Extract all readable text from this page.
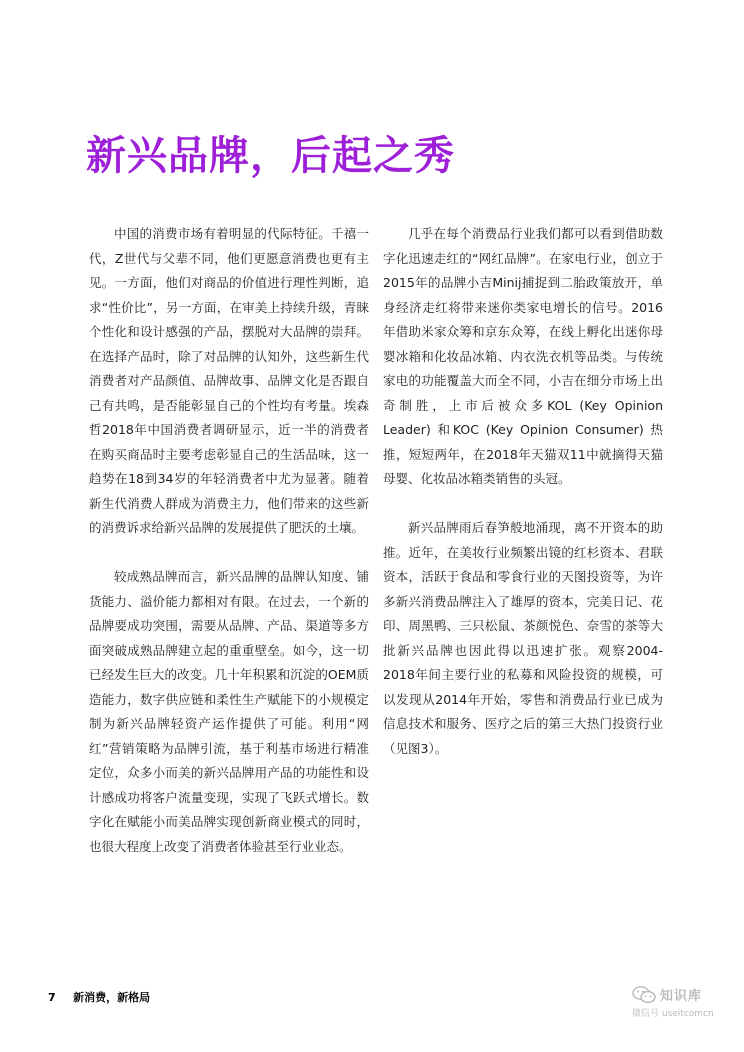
新兴品牌，后起之秀

中国的消费市场有着明显的代际特征。千禧一代，Z世代与父辈不同，他们更愿意消费也更有主见。一方面，他们对商品的价值进行理性判断，追求“性价比”，另一方面，在审美上持续升级，青睐个性化和设计感强的产品，摆脱对大品牌的崇拜。在选择产品时，除了对品牌的认知外，这些新生代消费者对产品颜值、品牌故事、品牌文化是否跟自己有共鸣，是否能彰显自己的个性均有考量。埃森哲2018年中国消费者调研显示，近一半的消费者在购买商品时主要考虑彰显自己的生活品味，这一趋势在18到34岁的年轻消费者中尤为显著。随着新生代消费人群成为消费主力，他们带来的这些新的消费诉求给新兴品牌的发展提供了肥沃的土壤。

较成熟品牌而言，新兴品牌的品牌认知度、铺货能力、溢价能力都相对有限。在过去，一个新的品牌要成功突围，需要从品牌、产品、渠道等多方面突破成熟品牌建立起的重重壁垒。如今，这一切已经发生巨大的改变。几十年积累和沉淀的OEM质造能力，数字供应链和柔性生产赋能下的小规模定制为新兴品牌轻资产运作提供了可能。利用“网红”营销策略为品牌引流，基于利基市场进行精准定位，众多小而美的新兴品牌用产品的功能性和设计感成功将客户流量变现，实现了飞跃式增长。数字化在赋能小而美品牌实现创新商业模式的同时，也很大程度上改变了消费者体验甚至行业业态。

几乎在每个消费品行业我们都可以看到借助数字化迅速走红的“网红品牌”。在家电行业，创立于2015年的品牌小吉Minij捕捉到二胎政策放开，单身经济走红将带来迷你类家电增长的信号。2016年借助米家众筹和京东众筹，在线上孵化出迷你母婴冰箱和化妆品冰箱、内衣洗衣机等品类。与传统家电的功能覆盖大而全不同，小吉在细分市场上出奇制胜，上市后被众多KOL (Key Opinion Leader) 和KOC (Key Opinion Consumer) 热推，短短两年，在2018年天猫双11中就摘得天猫母婴、化妆品冰箱类销售的头冠。

新兴品牌雨后春笋般地涌现，离不开资本的助推。近年，在美妆行业频繁出镜的红杉资本、君联资本，活跃于食品和零食行业的天图投资等，为许多新兴消费品牌注入了雄厚的资本，完美日记、花印、周黑鸭、三只松鼠、茶颜悦色、奈雪的茶等大批新兴品牌也因此得以迅速扩张。观察2004-2018年间主要行业的私募和风险投资的规模，可以发现从2014年开始，零售和消费品行业已成为信息技术和服务、医疗之后的第三大热门投资行业（见图3）。

7 新消费，新格局	知识库
微信号 useitcomcn
